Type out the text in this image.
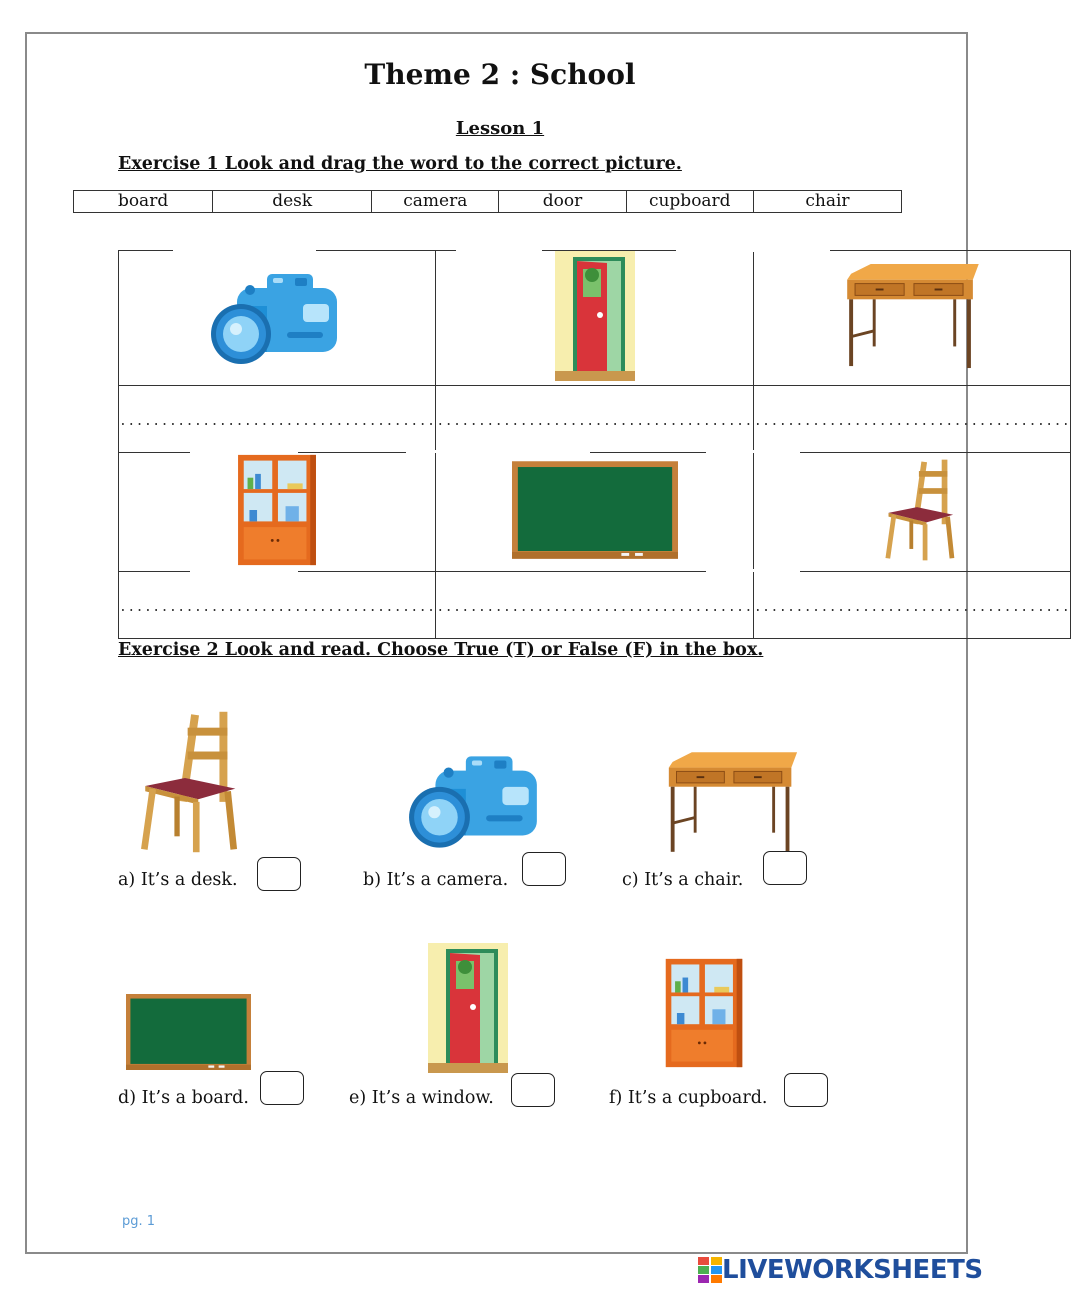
Theme 2 : School
Lesson 1
Exercise 1 Look and drag the word to the correct picture.
board	desk	camera	door	cupboard	chair

......................................	......................................	......................................

......................................	......................................	......................................
Exercise 2 Look and read. Choose True (T) or False (F) in the box.
a) It’s a desk.	b) It’s a camera.	c) It’s a chair.
d) It’s a board.	e) It’s a window.	f) It’s a cupboard.
pg. 1
LIVEWORKSHEETS
